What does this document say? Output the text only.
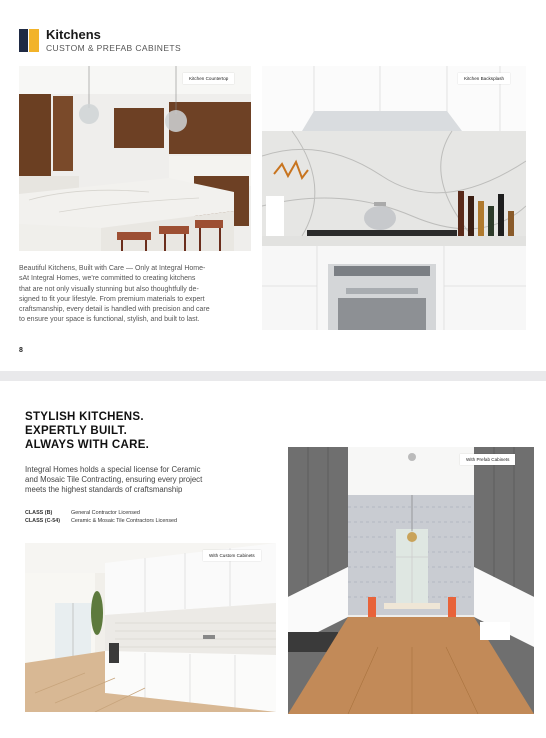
Kitchens
CUSTOM & PREFAB CABINETS
Kitchen Countertop	Kitchen Backsplash
Beautiful Kitchens, Built with Care — Only at Integral Home-
sAt Integral Homes, we're committed to creating kitchens
that are not only visually stunning but also thoughtfully de-
signed to fit your lifestyle. From premium materials to expert
craftsmanship, every detail is handled with precision and care
to ensure your space is functional, stylish, and built to last.
8
STYLISH KITCHENS.
EXPERTLY BUILT.
ALWAYS WITH CARE.
Integral Homes holds a special license for Ceramic
and Mosaic Tile Contracting, ensuring every project
meets the highest standards of craftsmanship
CLASS (B)	General Contractor Licensed
CLASS (C-54) Ceramic & Mosaic Tile Contractors Licensed
With Custom Cabinets
With Prefab Cabinets
